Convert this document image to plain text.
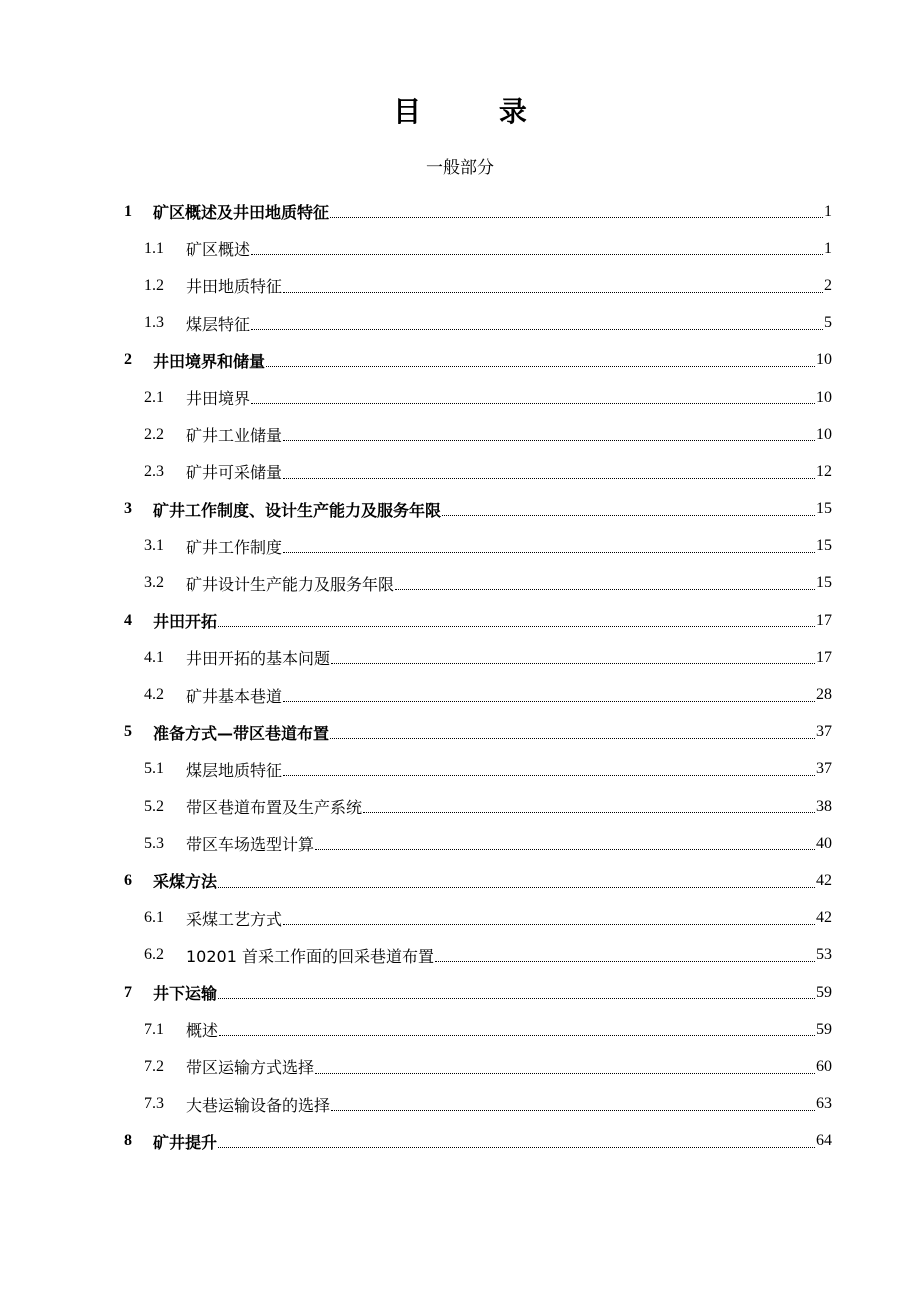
目 录
一般部分
1	矿区概述及井田地质特征	1
1.1	矿区概述	1
1.2	井田地质特征	2
1.3	煤层特征	5
2	井田境界和储量	10
2.1	井田境界	10
2.2	矿井工业储量	10
2.3	矿井可采储量	12
3	矿井工作制度、设计生产能力及服务年限	15
3.1	矿井工作制度	15
3.2	矿井设计生产能力及服务年限	15
4	井田开拓	17
4.1	井田开拓的基本问题	17
4.2	矿井基本巷道	28
5	准备方式—带区巷道布置	37
5.1	煤层地质特征	37
5.2	带区巷道布置及生产系统	38
5.3	带区车场选型计算	40
6	采煤方法	42
6.1	采煤工艺方式	42
6.2	10201 首采工作面的回采巷道布置	53
7	井下运输	59
7.1	概述	59
7.2	带区运输方式选择	60
7.3	大巷运输设备的选择	63
8	矿井提升	64
